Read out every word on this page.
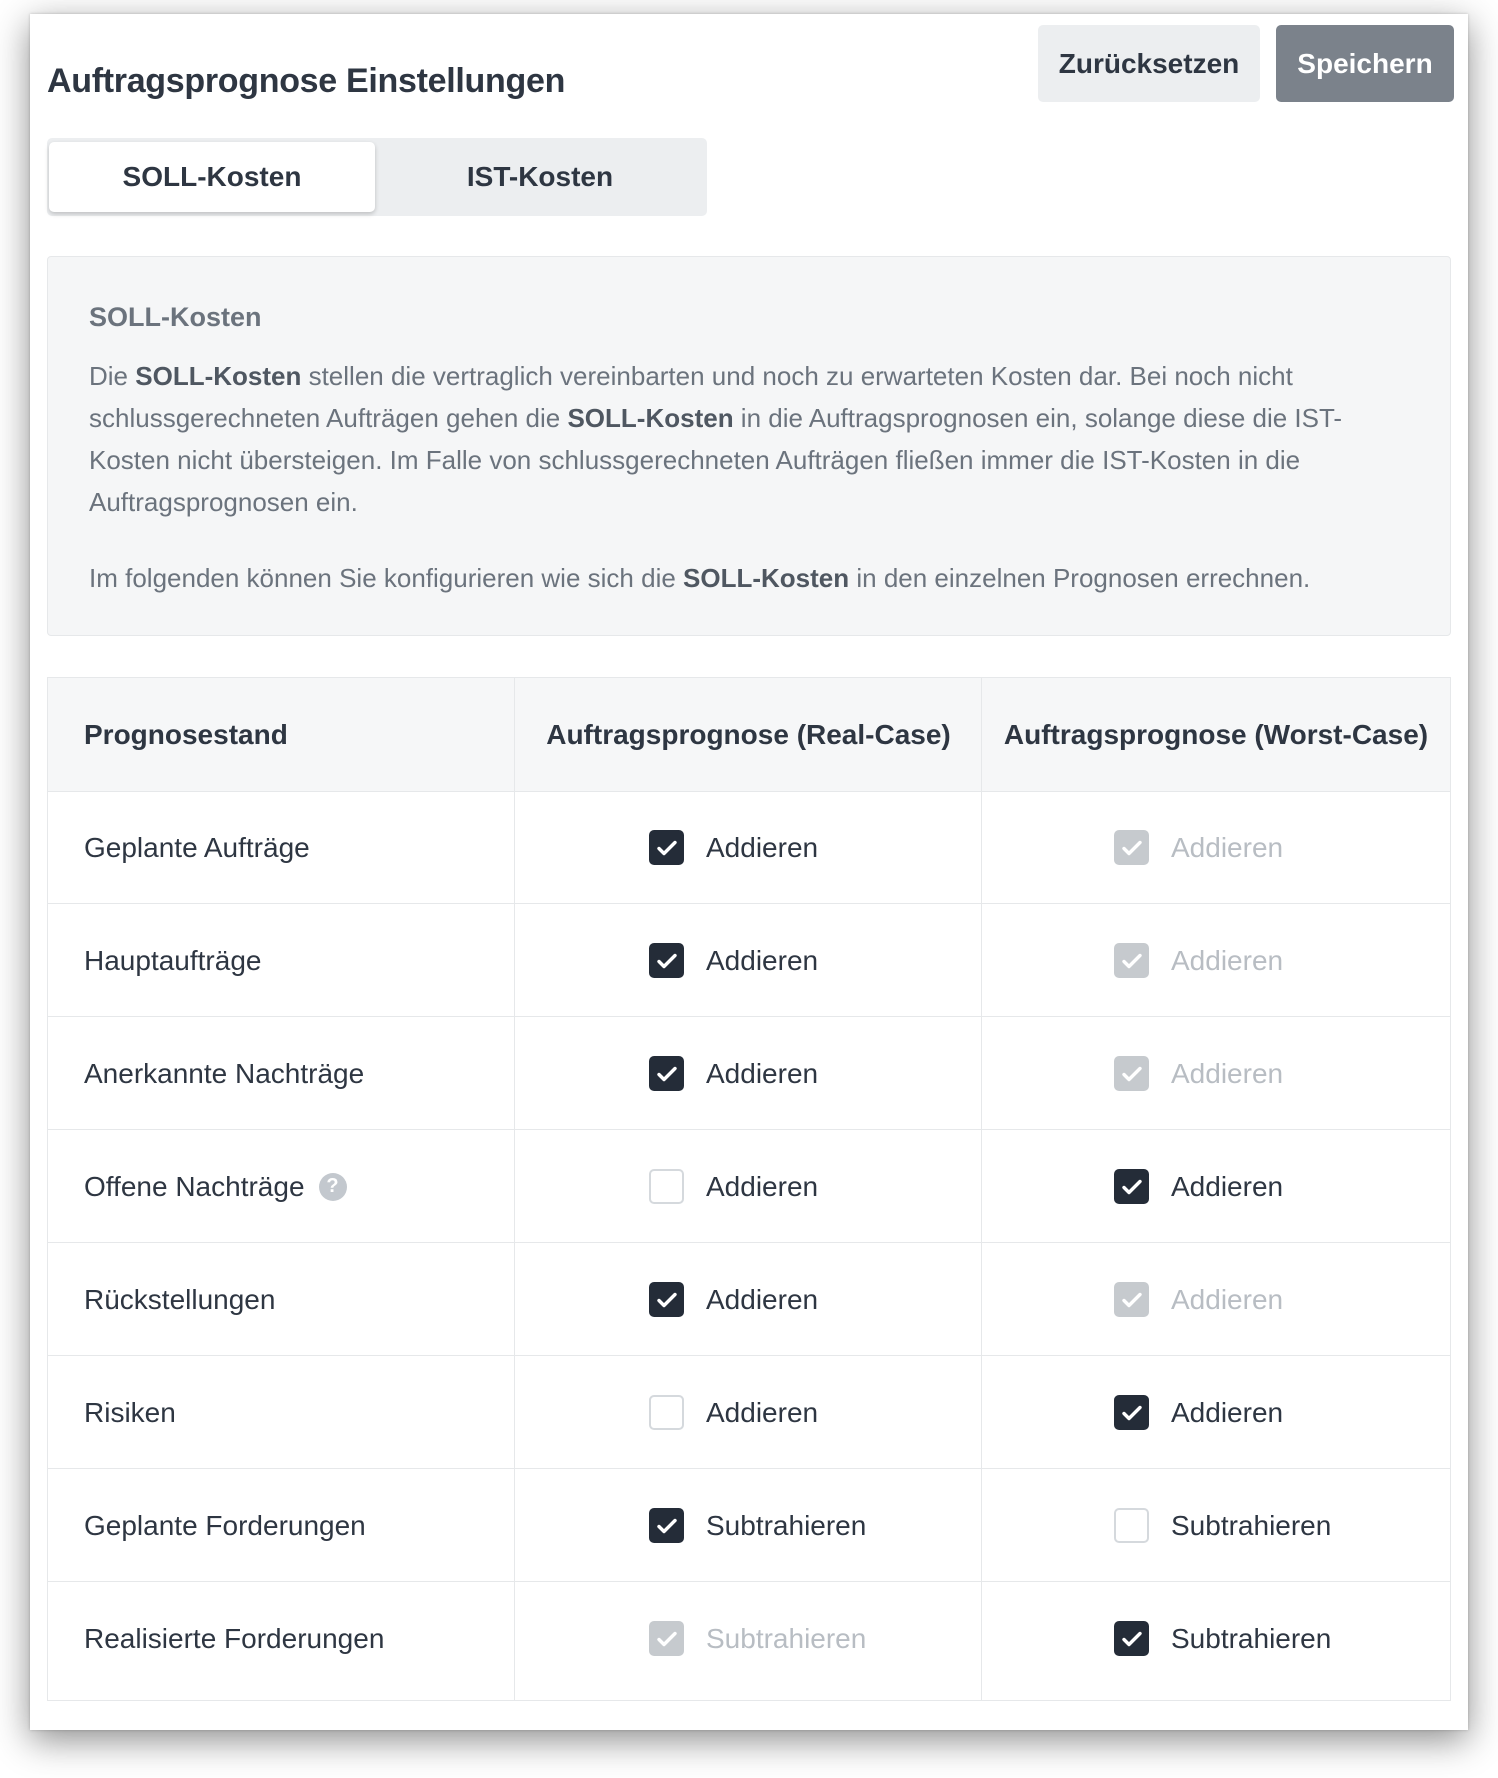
Auftragsprognose Einstellungen	Zurücksetzen	Speichern
SOLL-Kosten	IST-Kosten
SOLL-Kosten
Die SOLL-Kosten stellen die vertraglich vereinbarten und noch zu erwarteten Kosten dar. Bei noch nicht schlussgerechneten Aufträgen gehen die SOLL-Kosten in die Auftragsprognosen ein, solange diese die IST-Kosten nicht übersteigen. Im Falle von schlussgerechneten Aufträgen fließen immer die IST-Kosten in die Auftragsprognosen ein.
Im folgenden können Sie konfigurieren wie sich die SOLL-Kosten in den einzelnen Prognosen errechnen.
Prognosestand	Auftragsprognose (Real-Case)	Auftragsprognose (Worst-Case)
Geplante Aufträge	Addieren	Addieren
Hauptaufträge	Addieren	Addieren
Anerkannte Nachträge	Addieren	Addieren
Offene Nachträge	?	Addieren	Addieren
Rückstellungen	Addieren	Addieren
Risiken	Addieren	Addieren
Geplante Forderungen	Subtrahieren	Subtrahieren
Realisierte Forderungen	Subtrahieren	Subtrahieren
